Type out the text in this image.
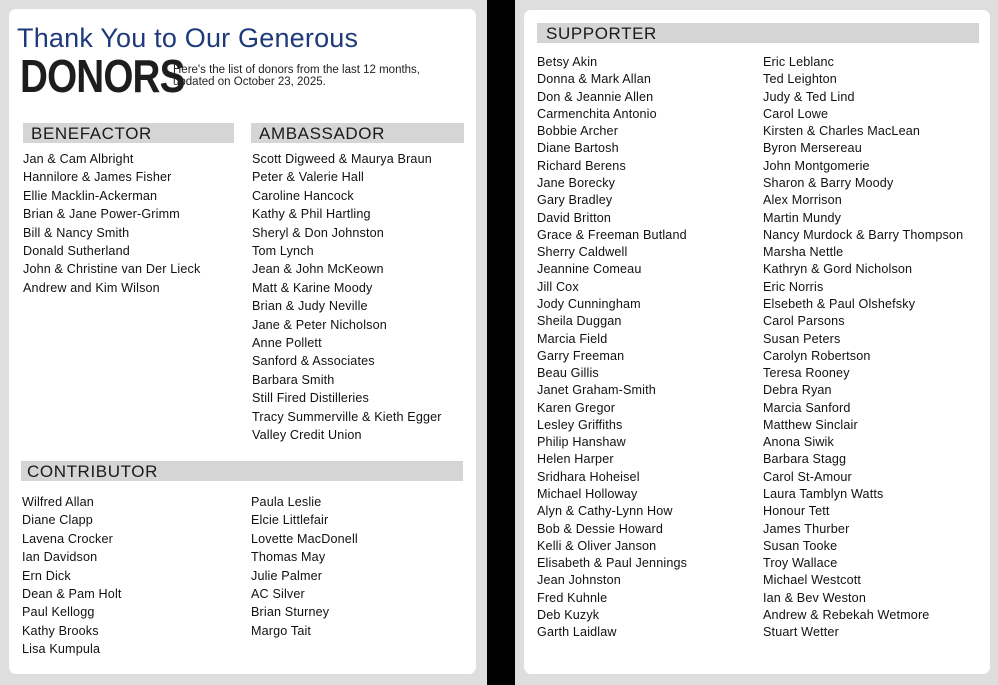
Thank You to Our Generous
DONORS
Here's the list of donors from the last 12 months, updated on October 23, 2025.
BENEFACTOR
Jan & Cam Albright
Hannilore & James Fisher
Ellie Macklin-Ackerman
Brian & Jane Power-Grimm
Bill & Nancy Smith
Donald Sutherland
John & Christine van Der Lieck
Andrew and Kim Wilson
AMBASSADOR
Scott Digweed & Maurya Braun
Peter & Valerie Hall
Caroline Hancock
Kathy & Phil Hartling
Sheryl & Don Johnston
Tom Lynch
Jean & John McKeown
Matt & Karine Moody
Brian & Judy Neville
Jane & Peter Nicholson
Anne Pollett
Sanford & Associates
Barbara Smith
Still Fired Distilleries
Tracy Summerville & Kieth Egger
Valley Credit Union
CONTRIBUTOR
Wilfred Allan
Diane Clapp
Lavena Crocker
Ian Davidson
Ern Dick
Dean & Pam Holt
Paul Kellogg
Kathy Brooks
Lisa Kumpula
Paula Leslie
Elcie Littlefair
Lovette MacDonell
Thomas May
Julie Palmer
AC Silver
Brian Sturney
Margo Tait
SUPPORTER
Betsy Akin
Donna & Mark Allan
Don & Jeannie Allen
Carmenchita Antonio
Bobbie Archer
Diane Bartosh
Richard Berens
Jane Borecky
Gary Bradley
David Britton
Grace & Freeman Butland
Sherry Caldwell
Jeannine Comeau
Jill Cox
Jody Cunningham
Sheila Duggan
Marcia Field
Garry Freeman
Beau Gillis
Janet Graham-Smith
Karen Gregor
Lesley Griffiths
Philip Hanshaw
Helen Harper
Sridhara Hoheisel
Michael Holloway
Alyn & Cathy-Lynn How
Bob & Dessie Howard
Kelli & Oliver Janson
Elisabeth & Paul Jennings
Jean Johnston
Fred Kuhnle
Deb Kuzyk
Garth Laidlaw
Eric Leblanc
Ted Leighton
Judy & Ted Lind
Carol Lowe
Kirsten & Charles MacLean
Byron Mersereau
John Montgomerie
Sharon & Barry Moody
Alex Morrison
Martin Mundy
Nancy Murdock & Barry Thompson
Marsha Nettle
Kathryn & Gord Nicholson
Eric Norris
Elsebeth & Paul Olshefsky
Carol Parsons
Susan Peters
Carolyn Robertson
Teresa Rooney
Debra Ryan
Marcia Sanford
Matthew Sinclair
Anona Siwik
Barbara Stagg
Carol St-Amour
Laura Tamblyn Watts
Honour Tett
James Thurber
Susan Tooke
Troy Wallace
Michael Westcott
Ian & Bev Weston
Andrew & Rebekah Wetmore
Stuart Wetter
